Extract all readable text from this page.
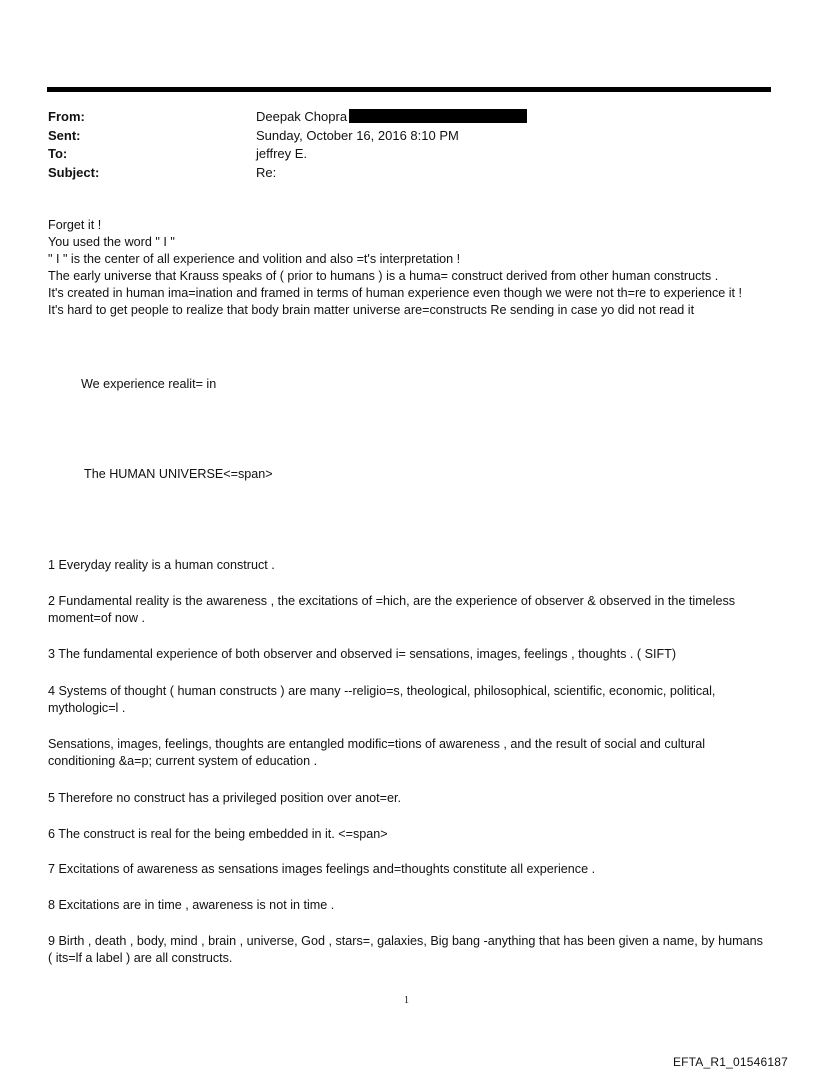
From:	Deepak Chopra
Sent:	Sunday, October 16, 2016 8:10 PM
To:	jeffrey E.
Subject:	Re:

Forget it !

You used the word " I "

" I " is the center of all experience and volition and also =t's interpretation !

The early universe that Krauss speaks of ( prior to humans ) is a huma= construct derived from other human constructs .

It's created in human ima=ination and framed in terms of human experience even though we were not th=re to experience it !

It's hard to get people to realize that body brain matter universe are=constructs Re sending in case yo did not read it

We experience realit= in
The HUMAN UNIVERSE<=span>
1 Everyday reality is a human construct .
2 Fundamental reality is the awareness , the excitations of =hich, are the experience of observer & observed in the timeless moment=of now .
3 The fundamental experience of both observer and observed i= sensations, images, feelings , thoughts . ( SIFT)
4 Systems of thought ( human constructs ) are many --religio=s, theological, philosophical, scientific, economic, political, mythologic=l .
Sensations, images, feelings, thoughts are entangled modific=tions of awareness , and the result of social and cultural conditioning &a=p; current system of education .
5 Therefore no construct has a privileged position over anot=er.
6 The construct is real for the being embedded in it. <=span>
7 Excitations of awareness as sensations images feelings and=thoughts constitute all experience .
8 Excitations are in time , awareness is not in time .
9 Birth , death , body, mind , brain , universe, God , stars=, galaxies, Big bang -anything that has been given a name, by humans ( its=lf a label ) are all constructs.
1
EFTA_R1_01546187
